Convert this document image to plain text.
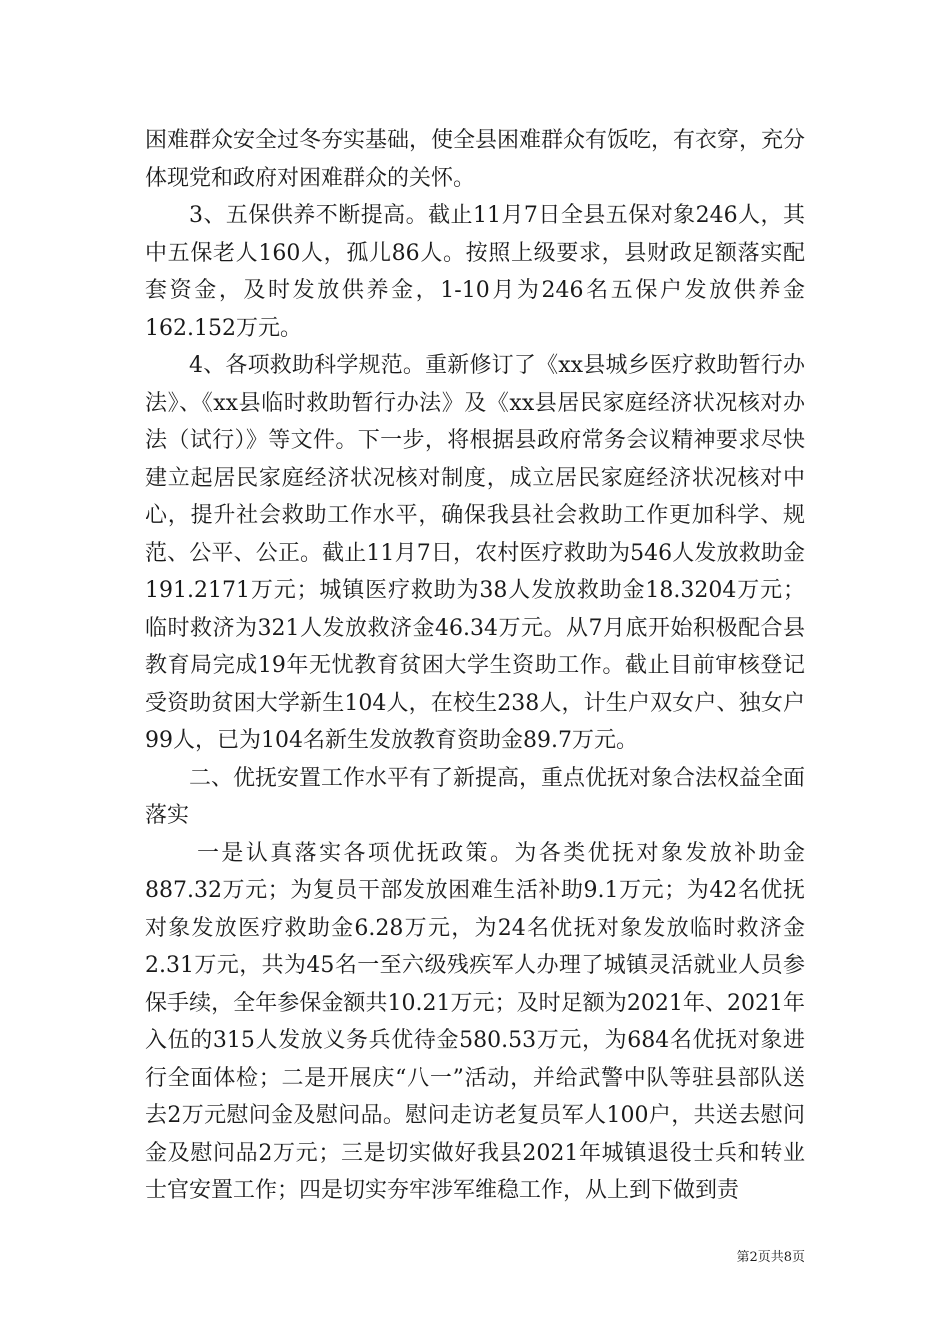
困难群众安全过冬夯实基础，使全县困难群众有饭吃，有衣穿，充分体现党和政府对困难群众的关怀。

3、五保供养不断提高。截止11月7日全县五保对象246人，其中五保老人160人，孤儿86人。按照上级要求，县财政足额落实配套资金，及时发放供养金，1-10月为246名五保户发放供养金162.152万元。

4、各项救助科学规范。重新修订了《xx县城乡医疗救助暂行办法》、《xx县临时救助暂行办法》及《xx县居民家庭经济状况核对办法（试行）》等文件。下一步，将根据县政府常务会议精神要求尽快建立起居民家庭经济状况核对制度，成立居民家庭经济状况核对中心，提升社会救助工作水平，确保我县社会救助工作更加科学、规范、公平、公正。截止11月7日，农村医疗救助为546人发放救助金191.2171万元；城镇医疗救助为38人发放救助金18.3204万元；临时救济为321人发放救济金46.34万元。从7月底开始积极配合县教育局完成19年无忧教育贫困大学生资助工作。截止目前审核登记受资助贫困大学新生104人，在校生238人，计生户双女户、独女户99人，已为104名新生发放教育资助金89.7万元。

二、优抚安置工作水平有了新提高，重点优抚对象合法权益全面落实

一是认真落实各项优抚政策。为各类优抚对象发放补助金887.32万元；为复员干部发放困难生活补助9.1万元；为42名优抚对象发放医疗救助金6.28万元，为24名优抚对象发放临时救济金2.31万元，共为45名一至六级残疾军人办理了城镇灵活就业人员参保手续，全年参保金额共10.21万元；及时足额为2021年、2021年入伍的315人发放义务兵优待金580.53万元，为684名优抚对象进行全面体检；二是开展庆“八一”活动，并给武警中队等驻县部队送去2万元慰问金及慰问品。慰问走访老复员军人100户，共送去慰问金及慰问品2万元；三是切实做好我县2021年城镇退役士兵和转业士官安置工作；四是切实夯牢涉军维稳工作，从上到下做到责

第2页共8页
